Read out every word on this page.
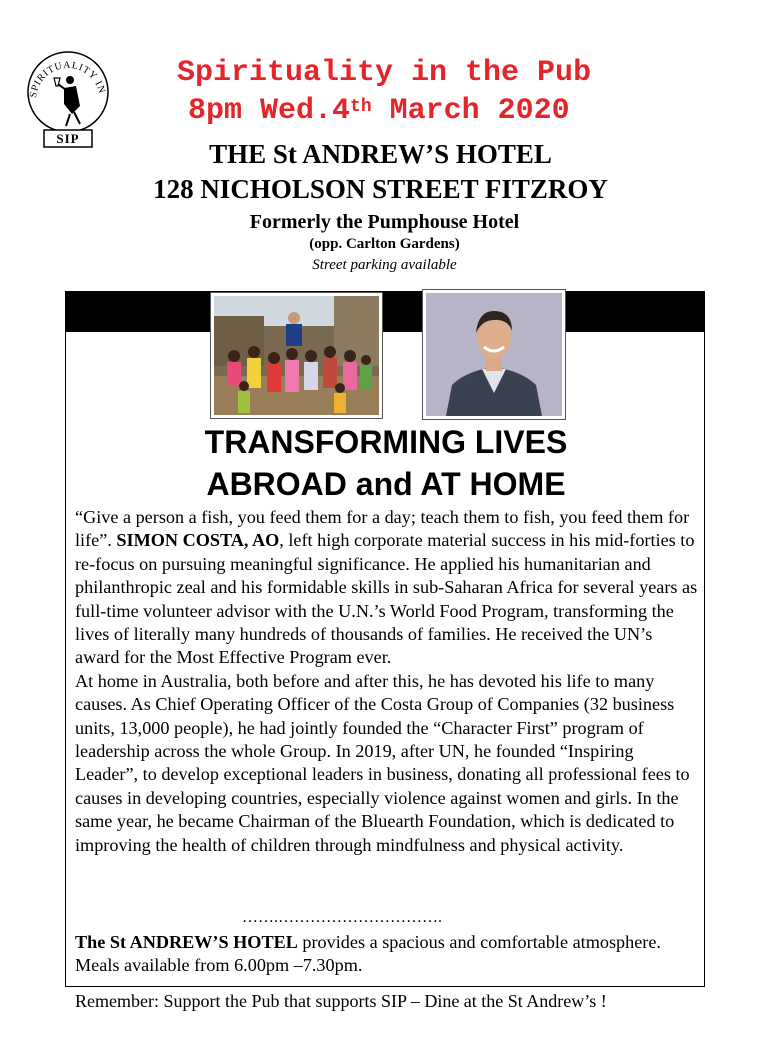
SPIRITUALITY IN
SIP
Spirituality in the Pub
8pm Wed.4th March 2020
THE St ANDREW’S HOTEL
128 NICHOLSON STREET FITZROY
Formerly the Pumphouse Hotel
(opp. Carlton Gardens)
Street parking available
TRANSFORMING LIVES
ABROAD and AT HOME

“Give a person a fish, you feed them for a day; teach them to fish, you feed them for life”. SIMON COSTA, AO, left high corporate material success in his mid-forties to re-focus on pursuing meaningful significance. He applied his humanitarian and philanthropic zeal and his formidable skills in sub-Saharan Africa for several years as full-time volunteer advisor with the U.N.’s World Food Program, transforming the lives of literally many hundreds of thousands of families. He received the UN’s award for the Most Effective Program ever.

At home in Australia, both before and after this, he has devoted his life to many causes. As Chief Operating Officer of the Costa Group of Companies (32 business units, 13,000 people), he had jointly founded the “Character First” program of leadership across the whole Group. In 2019, after UN, he founded “Inspiring Leader”, to develop exceptional leaders in business, donating all professional fees to causes in developing countries, especially violence against women and girls. In the same year, he became Chairman of the Bluearth Foundation, which is dedicated to improving the health of children through mindfulness and physical activity.

…….………………………….
The St ANDREW’S HOTEL provides a spacious and comfortable atmosphere. Meals available from 6.00pm –7.30pm.
Remember: Support the Pub that supports SIP – Dine at the St Andrew’s !
